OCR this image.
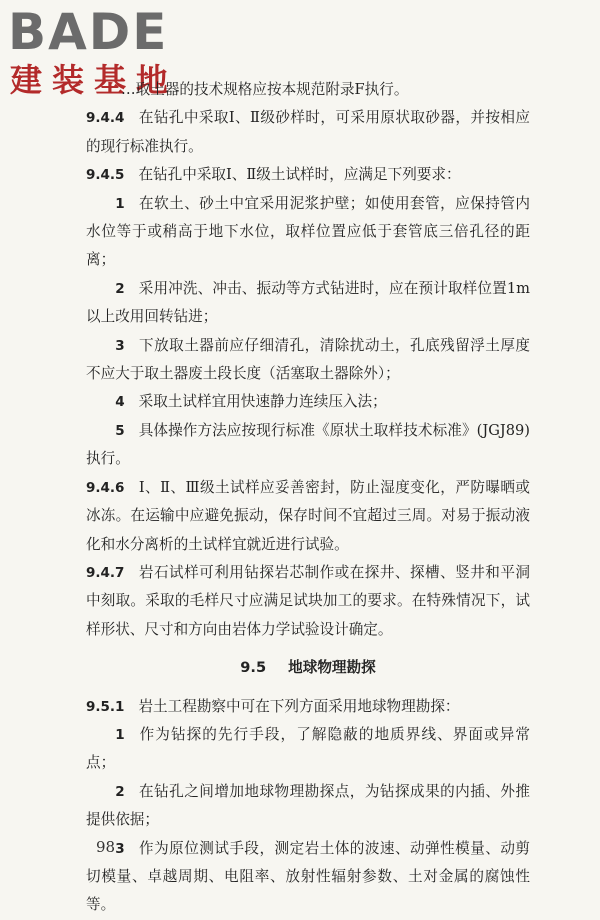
BADE
建装基地

…取土器的技术规格应按本规范附录F执行。

9.4.4 在钻孔中采取Ⅰ、Ⅱ级砂样时，可采用原状取砂器，并按相应的现行标准执行。

9.4.5 在钻孔中采取Ⅰ、Ⅱ级土试样时，应满足下列要求：

1 在软土、砂土中宜采用泥浆护壁；如使用套管，应保持管内水位等于或稍高于地下水位，取样位置应低于套管底三倍孔径的距离；

2 采用冲洗、冲击、振动等方式钻进时，应在预计取样位置1m以上改用回转钻进；

3 下放取土器前应仔细清孔，清除扰动土，孔底残留浮土厚度不应大于取土器废土段长度（活塞取土器除外）；

4 采取土试样宜用快速静力连续压入法；

5 具体操作方法应按现行标准《原状土取样技术标准》(JGJ89)执行。

9.4.6 Ⅰ、Ⅱ、Ⅲ级土试样应妥善密封，防止湿度变化，严防曝晒或冰冻。在运输中应避免振动，保存时间不宜超过三周。对易于振动液化和水分离析的土试样宜就近进行试验。

9.4.7 岩石试样可利用钻探岩芯制作或在探井、探槽、竖井和平洞中刻取。采取的毛样尺寸应满足试块加工的要求。在特殊情况下，试样形状、尺寸和方向由岩体力学试验设计确定。

9.5 地球物理勘探

9.5.1 岩土工程勘察中可在下列方面采用地球物理勘探：

1 作为钻探的先行手段，了解隐蔽的地质界线、界面或异常点；

2 在钻孔之间增加地球物理勘探点，为钻探成果的内插、外推提供依据；

3 作为原位测试手段，测定岩土体的波速、动弹性模量、动剪切模量、卓越周期、电阻率、放射性辐射参数、土对金属的腐蚀性等。

98
